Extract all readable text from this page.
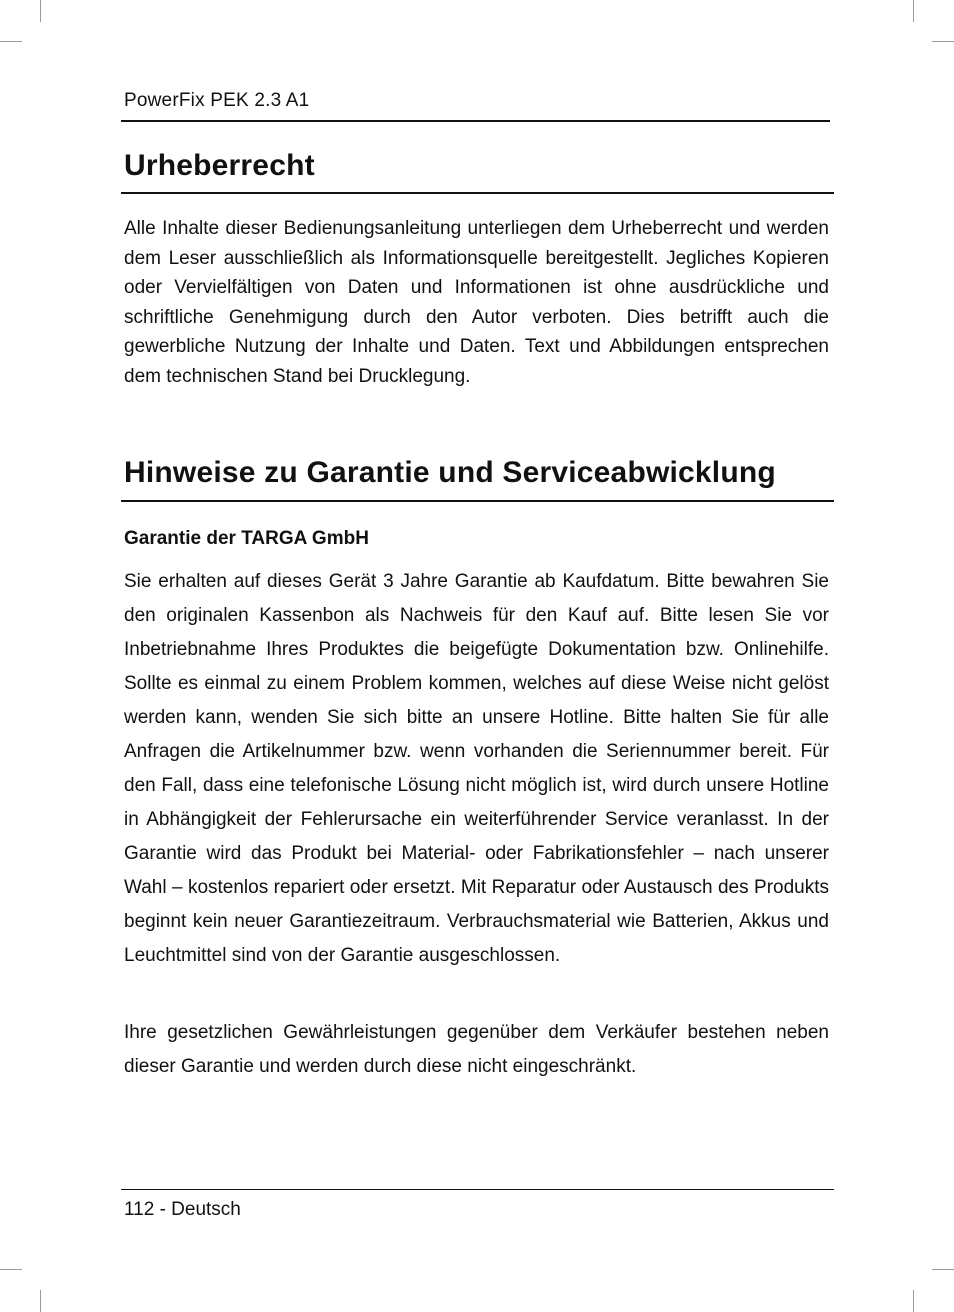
PowerFix PEK 2.3 A1
Urheberrecht

Alle Inhalte dieser Bedienungsanleitung unterliegen dem Urheberrecht und werden dem Leser ausschließlich als Informationsquelle bereitgestellt. Jegliches Kopieren oder Vervielfältigen von Daten und Informationen ist ohne ausdrückliche und schriftliche Genehmigung durch den Autor verboten. Dies betrifft auch die gewerbliche Nutzung der Inhalte und Daten. Text und Abbildungen entsprechen dem technischen Stand bei Drucklegung.

Hinweise zu Garantie und Serviceabwicklung
Garantie der TARGA GmbH

Sie erhalten auf dieses Gerät 3 Jahre Garantie ab Kaufdatum. Bitte bewahren Sie den originalen Kassenbon als Nachweis für den Kauf auf. Bitte lesen Sie vor Inbetriebnahme Ihres Produktes die beigefügte Dokumentation bzw. Onlinehilfe. Sollte es einmal zu einem Problem kommen, welches auf diese Weise nicht gelöst werden kann, wenden Sie sich bitte an unsere Hotline. Bitte halten Sie für alle Anfragen die Artikelnummer bzw. wenn vorhanden die Seriennummer bereit. Für den Fall, dass eine telefonische Lösung nicht möglich ist, wird durch unsere Hotline in Abhängigkeit der Fehlerursache ein weiterführender Service veranlasst. In der Garantie wird das Produkt bei Material- oder Fabrikationsfehler – nach unserer Wahl – kostenlos repariert oder ersetzt. Mit Reparatur oder Austausch des Produkts beginnt kein neuer Garantiezeitraum. Verbrauchsmaterial wie Batterien, Akkus und Leuchtmittel sind von der Garantie ausgeschlossen.

Ihre gesetzlichen Gewährleistungen gegenüber dem Verkäufer bestehen neben dieser Garantie und werden durch diese nicht eingeschränkt.

112 - Deutsch
